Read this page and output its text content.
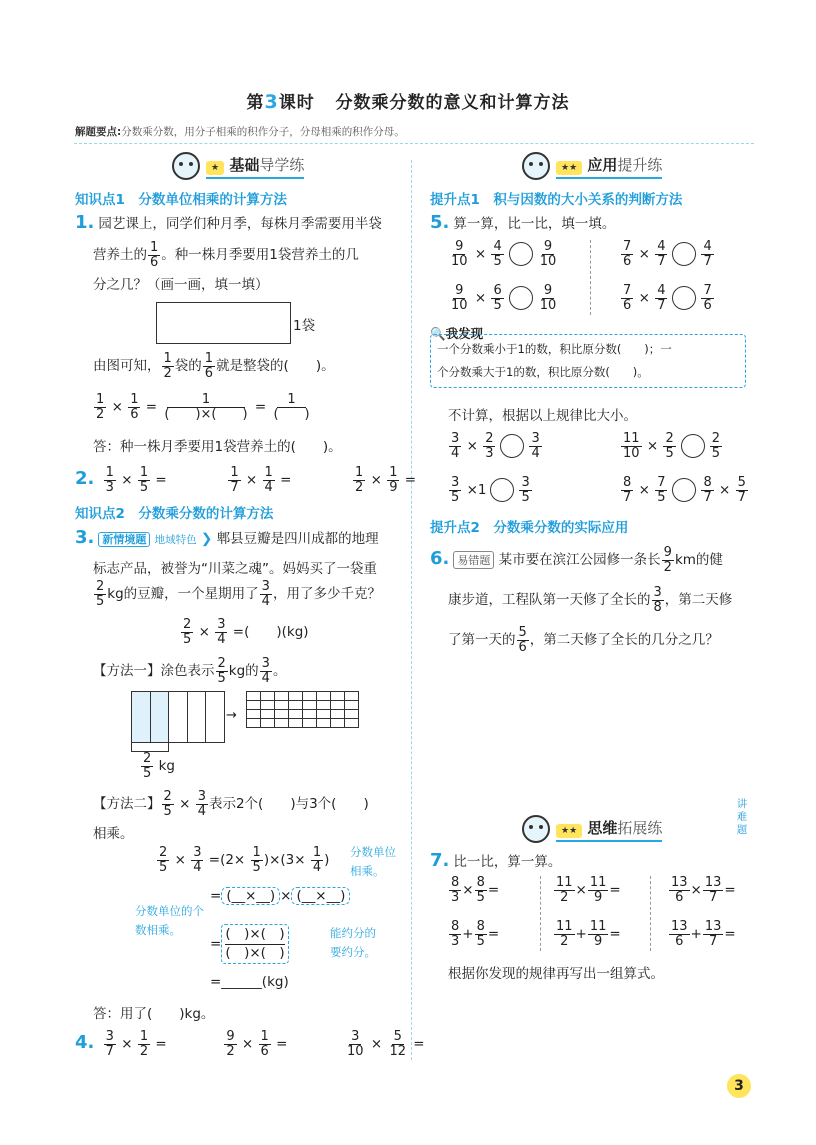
第3课时 分数乘分数的意义和计算方法
解题要点:分数乘分数，用分子相乘的积作分子，分母相乘的积作分母。
★ 基础导学练
知识点1　分数单位相乘的计算方法
1. 园艺课上，同学们种月季，每株月季需要用半袋
营养土的 $\frac{1}{6}$ 。种一株月季要用1袋营养土的几
分之几？（画一画，填一填）
1袋
由图可知， $\frac{1}{2}$ 袋的 $\frac{1}{6}$ 就是整袋的(　　)。
$\frac{1}{2} \times \frac{1}{6} = \frac{1}{( )\times( )} = \frac{1}{( )}$
答：种一株月季要用1袋营养土的(　　)。
2. $\frac{1}{3} \times \frac{1}{5}$ =	$\frac{1}{7} \times \frac{1}{4}$ =	$\frac{1}{2} \times \frac{1}{9}$ =
知识点2　分数乘分数的计算方法
3. 新情境题 地域特色 ❯ 郫县豆瓣是四川成都的地理
标志产品，被誉为“川菜之魂”。妈妈买了一袋重
$\frac{2}{5}$ kg的豆瓣，一个星期用了 $\frac{3}{4}$ ，用了多少千克？
$\frac{2}{5} \times \frac{3}{4}$ =(　　)(kg)
【方法一】涂色表示 $\frac{2}{5}$ kg的 $\frac{3}{4}$ 。
→

$\frac{2}{5}$ kg
【方法二】 $\frac{2}{5} \times \frac{3}{4}$ 表示2个(　　)与3个(　　)
相乘。
$\frac{2}{5} \times \frac{3}{4} =(2\times \frac{1}{5} )\times(3\times \frac{1}{4}$ )
分数单位相乘。
= (__×__) × (__×__)
分数单位的个数相乘。
=
(　)×(　)
(　)×(　)
能约分的要约分。
=______(kg)
答：用了(　　)kg。
4. $\frac{3}{7} \times \frac{1}{2}$ =	$\frac{9}{2} \times \frac{1}{6}$ =	$\frac{3}{10} \times \frac{5}{12}$ =
★★ 应用提升练
提升点1　积与因数的大小关系的判断方法
5. 算一算，比一比，填一填。
$\frac{9}{10} \times \frac{4}{5}$	$\frac{9}{10}$	$\frac{7}{6} \times \frac{4}{7}$	$\frac{4}{7}$
$\frac{9}{10} \times \frac{6}{5}$	$\frac{9}{10}$	$\frac{7}{6} \times \frac{4}{7}$	$\frac{7}{6}$
🔍我发现
一个分数乘小于1的数，积比原分数(　　)；一
个分数乘大于1的数，积比原分数(　　)。
不计算，根据以上规律比大小。
$\frac{3}{4} \times \frac{2}{3}$	$\frac{3}{4}$	$\frac{11}{10} \times \frac{2}{5}$	$\frac{2}{5}$
$\frac{3}{5} \times 1$	$\frac{3}{5}$	$\frac{8}{7} \times \frac{7}{5}$	$\frac{8}{7} \times \frac{5}{7}$
提升点2　分数乘分数的实际应用
6. 易错题 某市要在滨江公园修一条长 $\frac{9}{2}$ km的健
康步道，工程队第一天修了全长的 $\frac{3}{8}$ ，第二天修
了第一天的 $\frac{5}{6}$ ，第二天修了全长的几分之几？
★★ 思维拓展练
讲难题
7. 比一比，算一算。
$\frac{8}{3} \times \frac{8}{5}$ =	$\frac{11}{2} \times \frac{11}{9}$ =	$\frac{13}{6} \times \frac{13}{7}$ =
$\frac{8}{3} + \frac{8}{5}$ =	$\frac{11}{2} + \frac{11}{9}$ =	$\frac{13}{6} + \frac{13}{7}$ =
根据你发现的规律再写出一组算式。
3
